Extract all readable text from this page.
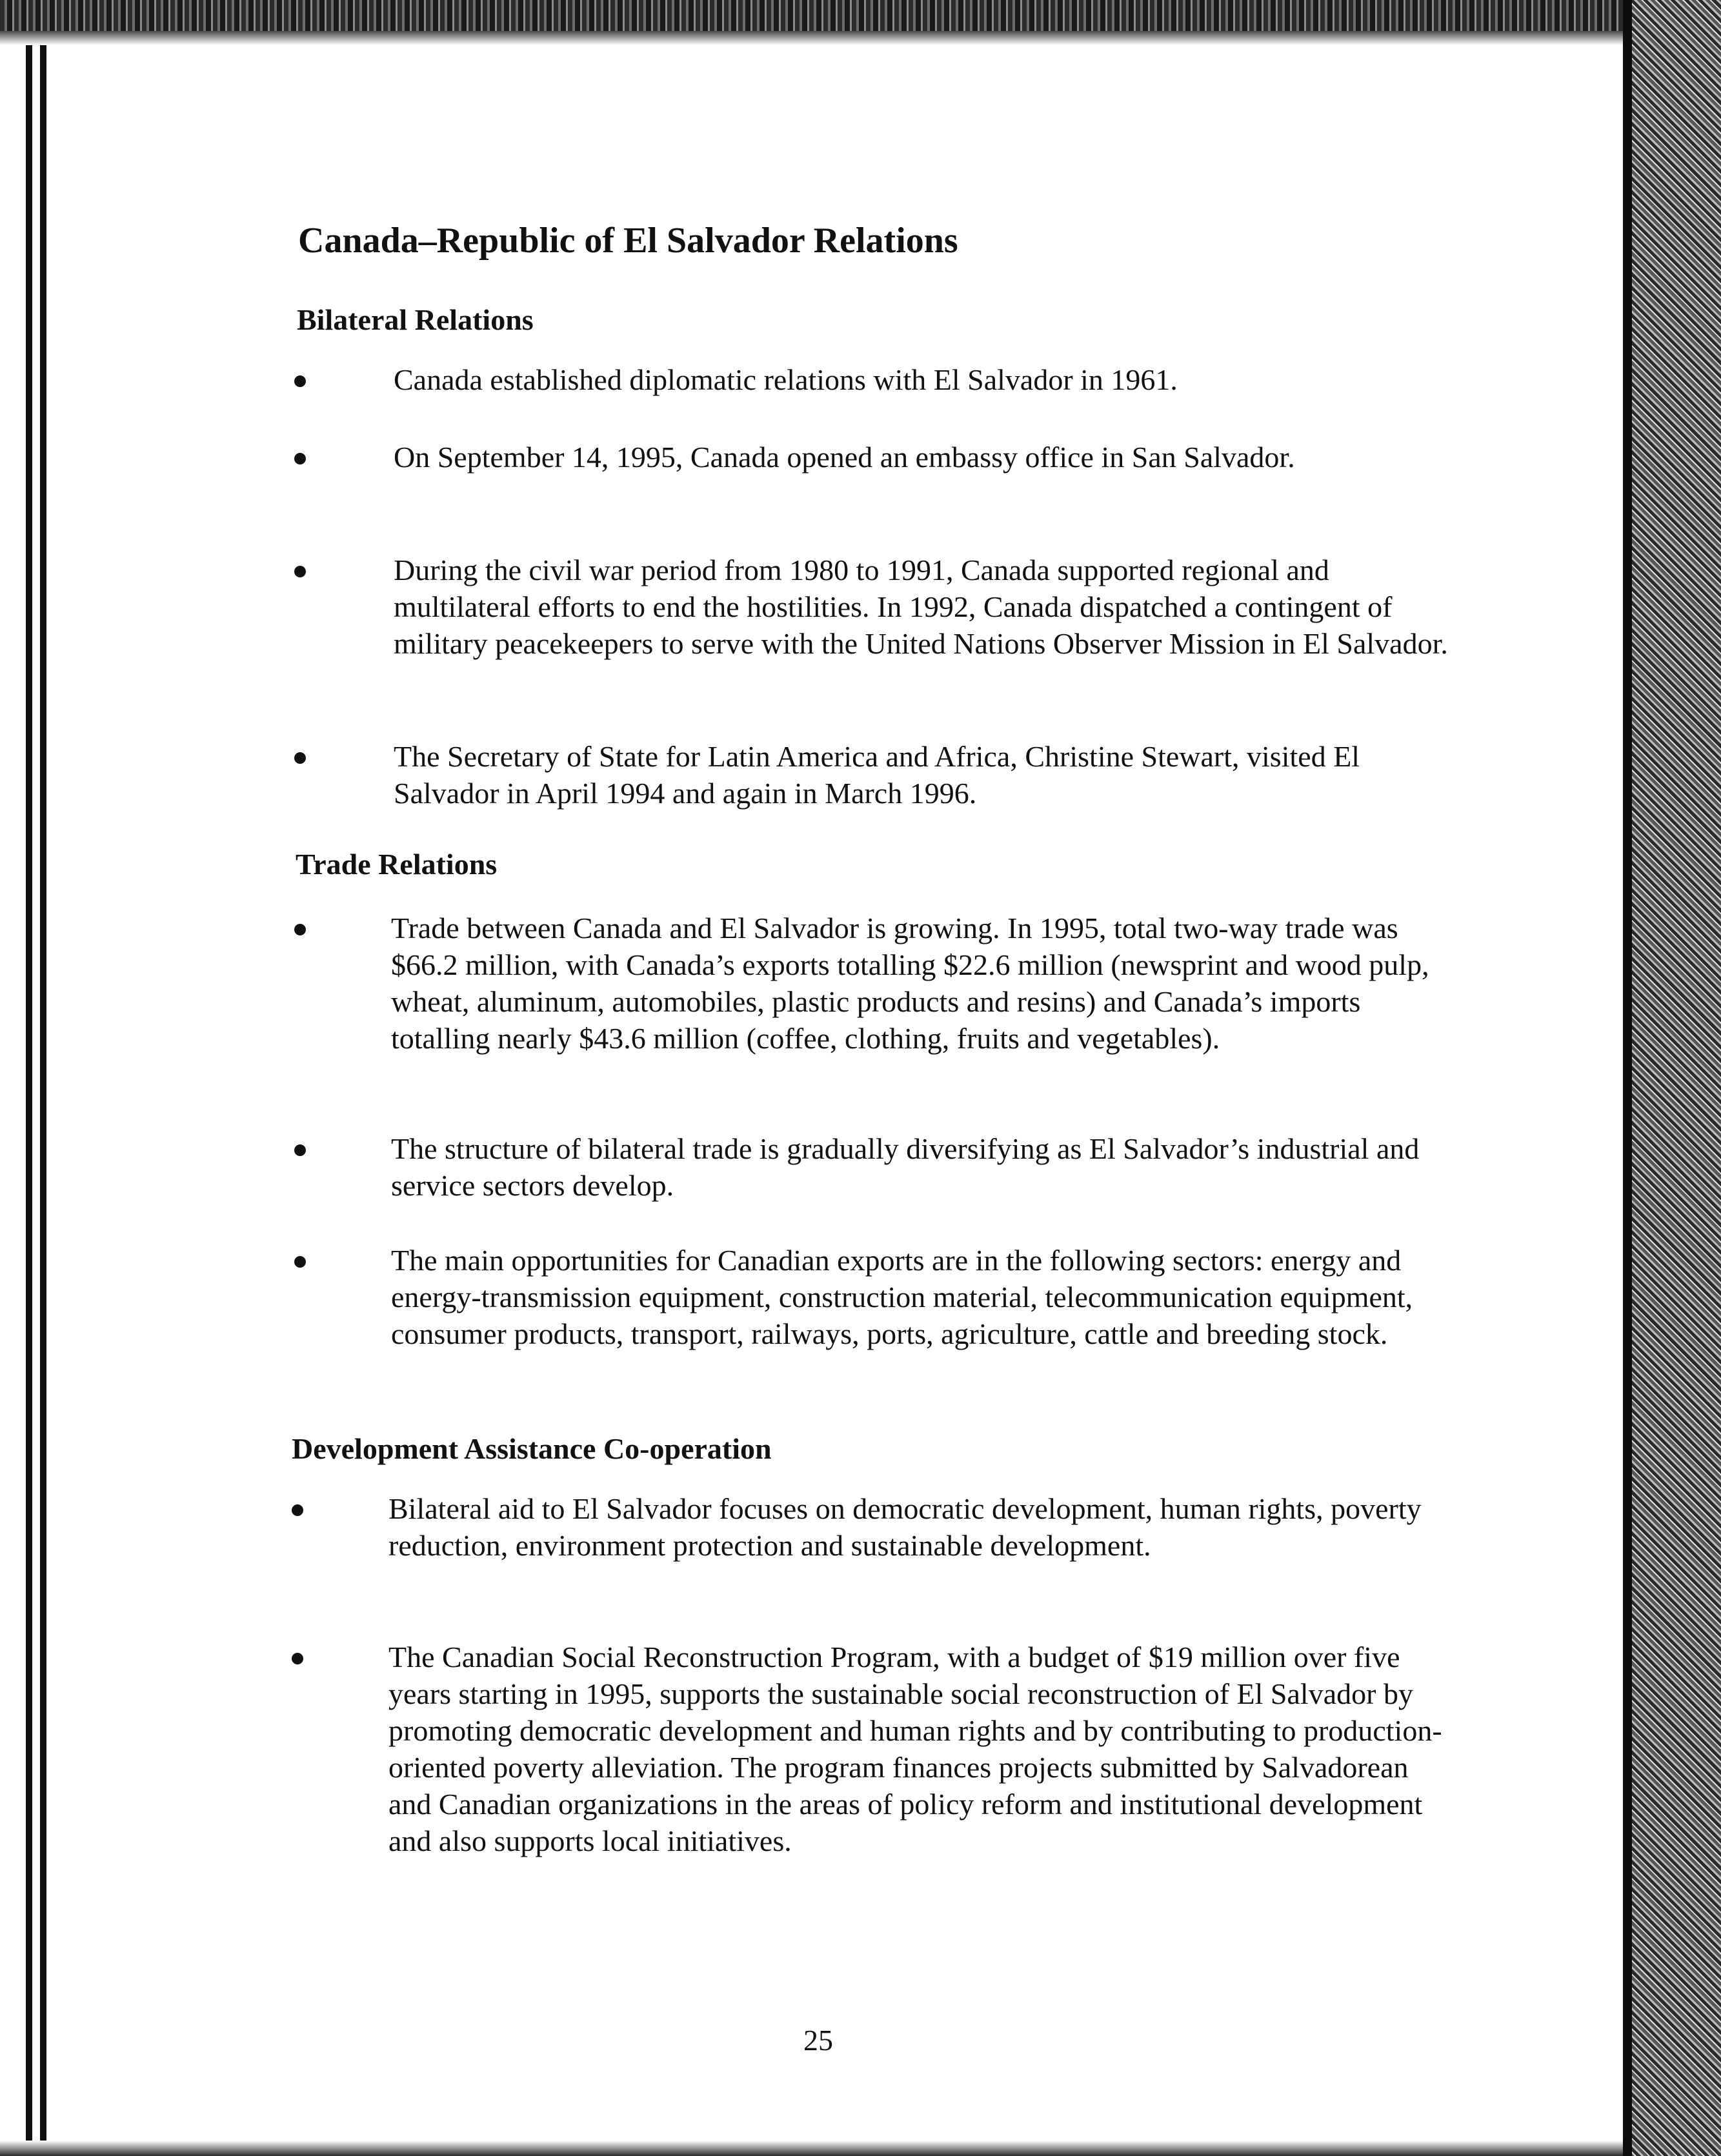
Canada–Republic of El Salvador Relations
Bilateral Relations

Canada established diplomatic relations with El Salvador in 1961.

On September 14, 1995, Canada opened an embassy office in San Salvador.

During the civil war period from 1980 to 1991, Canada supported regional and multilateral efforts to end the hostilities. In 1992, Canada dispatched a contingent of military peacekeepers to serve with the United Nations Observer Mission in El Salvador.

The Secretary of State for Latin America and Africa, Christine Stewart, visited El Salvador in April 1994 and again in March 1996.

Trade Relations

Trade between Canada and El Salvador is growing. In 1995, total two-way trade was $66.2 million, with Canada’s exports totalling $22.6 million (newsprint and wood pulp, wheat, aluminum, automobiles, plastic products and resins) and Canada’s imports totalling nearly $43.6 million (coffee, clothing, fruits and vegetables).

The structure of bilateral trade is gradually diversifying as El Salvador’s industrial and service sectors develop.

The main opportunities for Canadian exports are in the following sectors: energy and energy-transmission equipment, construction material, telecommunication equipment, consumer products, transport, railways, ports, agriculture, cattle and breeding stock.

Development Assistance Co-operation

Bilateral aid to El Salvador focuses on democratic development, human rights, poverty reduction, environment protection and sustainable development.

The Canadian Social Reconstruction Program, with a budget of $19 million over five years starting in 1995, supports the sustainable social reconstruction of El Salvador by promoting democratic development and human rights and by contributing to production-oriented poverty alleviation. The program finances projects submitted by Salvadorean and Canadian organizations in the areas of policy reform and institutional development and also supports local initiatives.

25
